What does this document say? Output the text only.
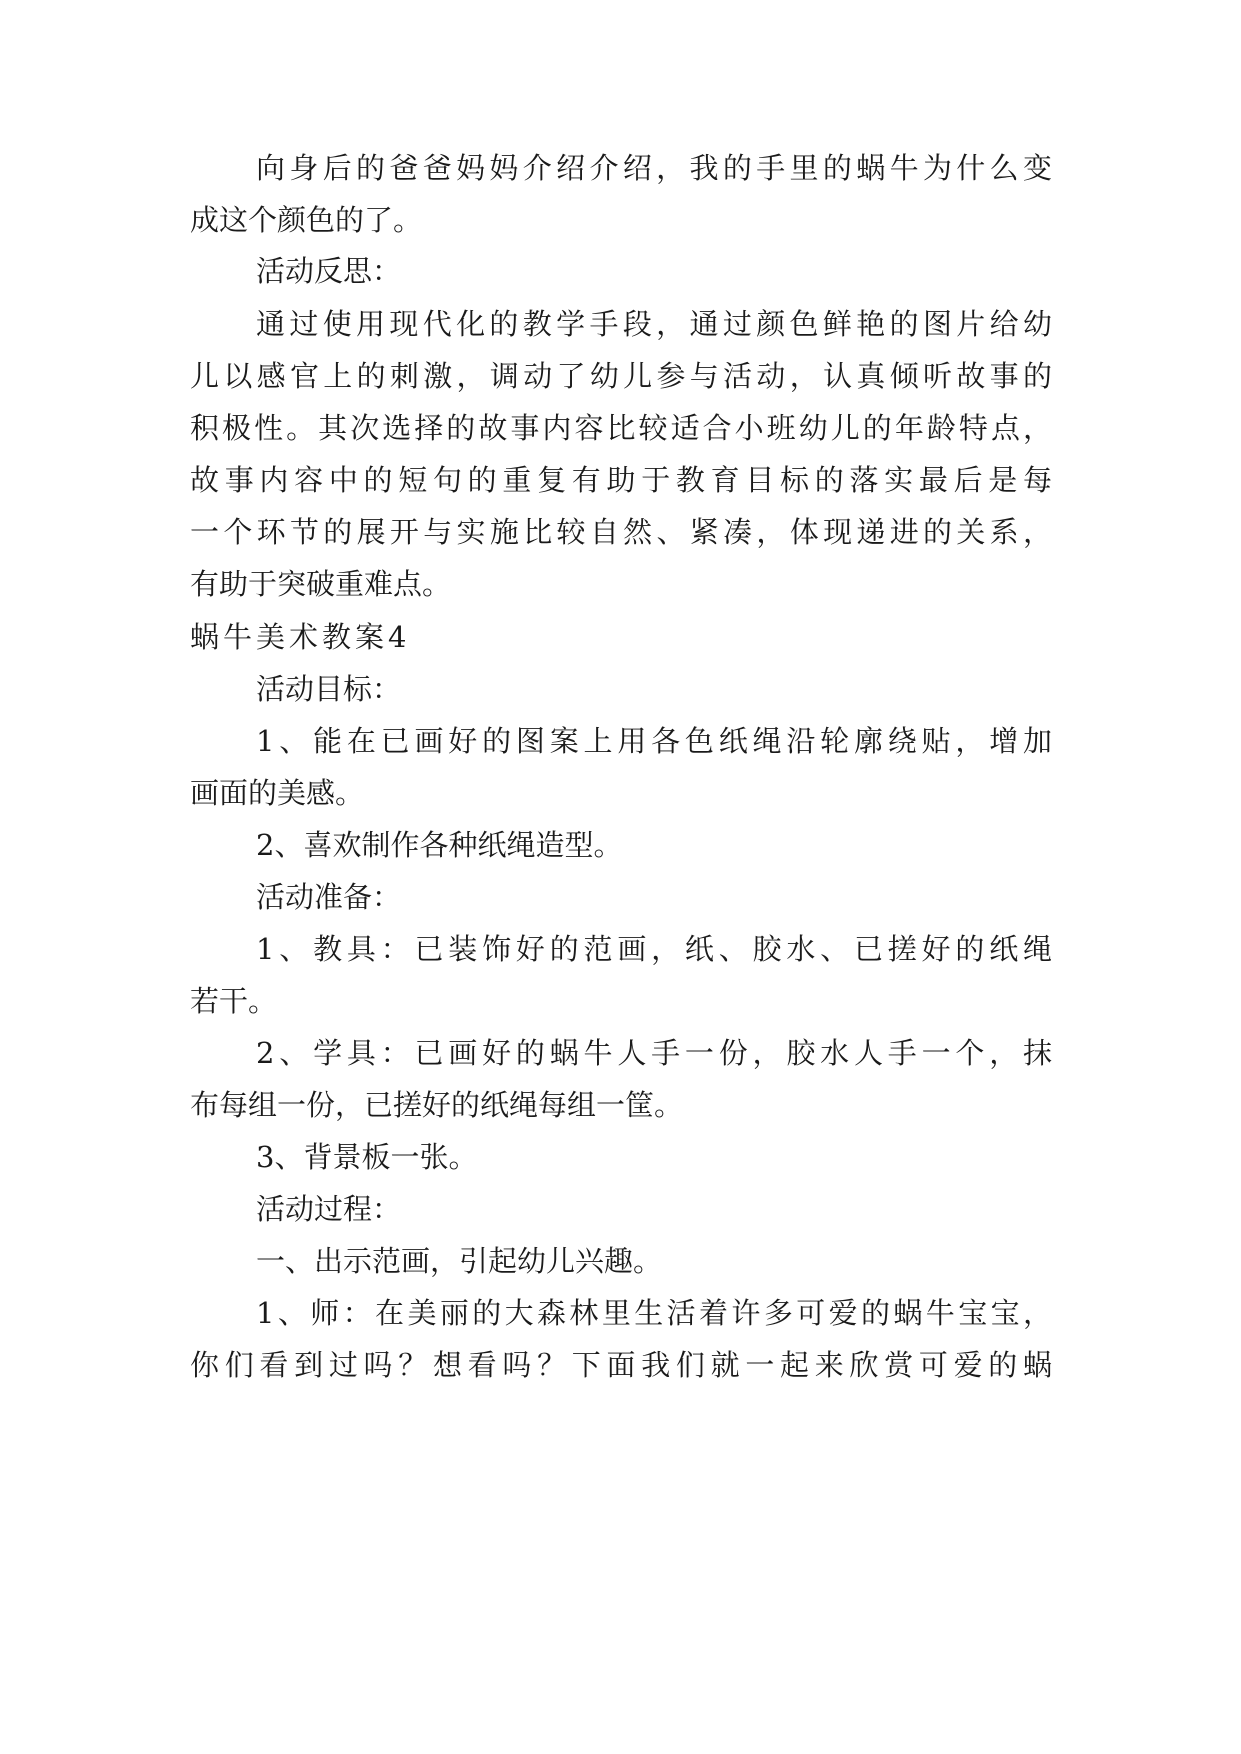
向身后的爸爸妈妈介绍介绍，我的手里的蜗牛为什么变
成这个颜色的了。
活动反思：
通过使用现代化的教学手段，通过颜色鲜艳的图片给幼
儿以感官上的刺激，调动了幼儿参与活动，认真倾听故事的
积极性。其次选择的故事内容比较适合小班幼儿的年龄特点，
故事内容中的短句的重复有助于教育目标的落实最后是每
一个环节的展开与实施比较自然、紧凑，体现递进的关系，
有助于突破重难点。
蜗牛美术教案4
活动目标：
1、能在已画好的图案上用各色纸绳沿轮廓绕贴，增加
画面的美感。
2、喜欢制作各种纸绳造型。
活动准备：
1、教具：已装饰好的范画，纸、胶水、已搓好的纸绳
若干。
2、学具：已画好的蜗牛人手一份，胶水人手一个，抹
布每组一份，已搓好的纸绳每组一筐。
3、背景板一张。
活动过程：
一、出示范画，引起幼儿兴趣。
1、师：在美丽的大森林里生活着许多可爱的蜗牛宝宝，
你们看到过吗？想看吗？下面我们就一起来欣赏可爱的蜗
